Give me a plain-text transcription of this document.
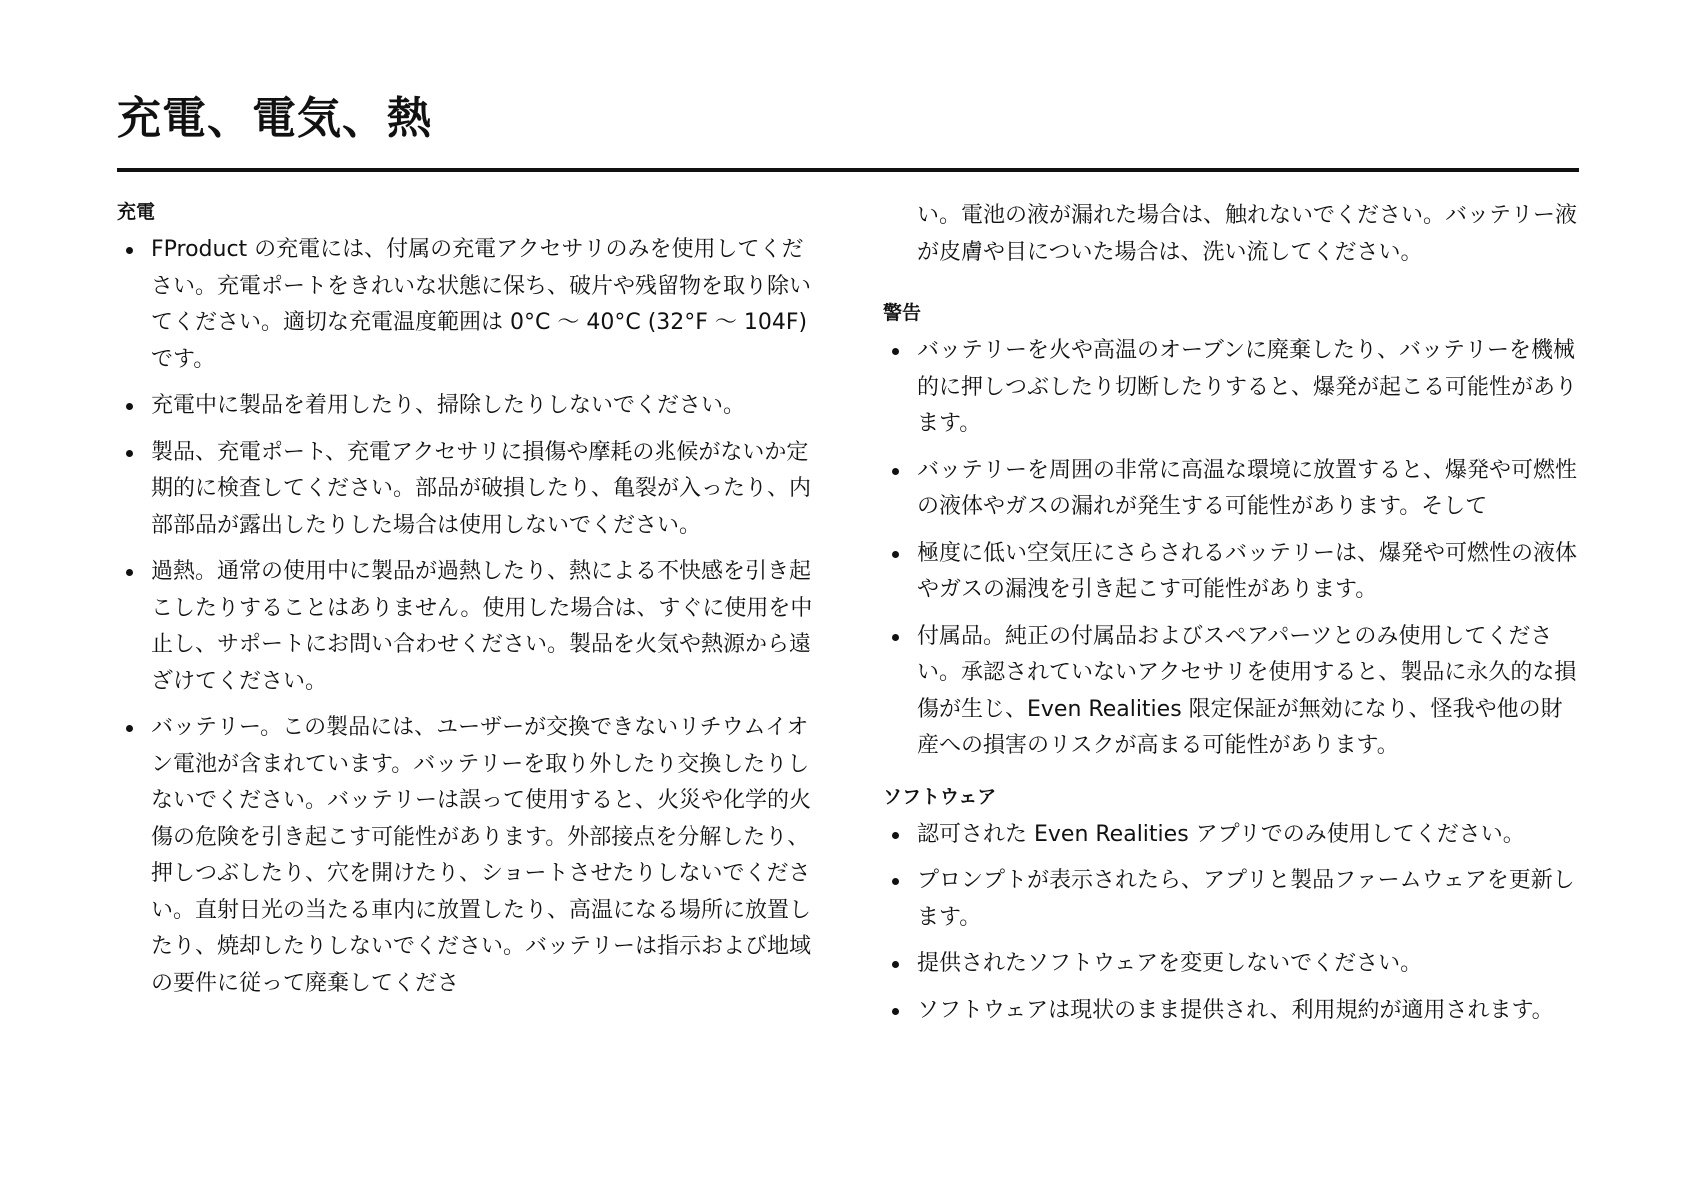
充電、電気、熱
充電
FProduct の充電には、付属の充電アクセサリのみを使用してください。充電ポートをきれいな状態に保ち、破片や残留物を取り除いてください。適切な充電温度範囲は 0°C 〜 40°C (32°F 〜 104F) です。
充電中に製品を着用したり、掃除したりしないでください。
製品、充電ポート、充電アクセサリに損傷や摩耗の兆候がないか定期的に検査してください。部品が破損したり、亀裂が入ったり、内部部品が露出したりした場合は使用しないでください。
過熱。通常の使用中に製品が過熱したり、熱による不快感を引き起こしたりすることはありません。使用した場合は、すぐに使用を中止し、サポートにお問い合わせください。製品を火気や熱源から遠ざけてください。
バッテリー。この製品には、ユーザーが交換できないリチウムイオン電池が含まれています。バッテリーを取り外したり交換したりしないでください。バッテリーは誤って使用すると、火災や化学的火傷の危険を引き起こす可能性があります。外部接点を分解したり、押しつぶしたり、穴を開けたり、ショートさせたりしないでください。直射日光の当たる車内に放置したり、高温になる場所に放置したり、焼却したりしないでください。バッテリーは指示および地域の要件に従って廃棄してくださ

い。電池の液が漏れた場合は、触れないでください。バッテリー液が皮膚や目についた場合は、洗い流してください。

警告
バッテリーを火や高温のオーブンに廃棄したり、バッテリーを機械的に押しつぶしたり切断したりすると、爆発が起こる可能性があります。
バッテリーを周囲の非常に高温な環境に放置すると、爆発や可燃性の液体やガスの漏れが発生する可能性があります。そして
極度に低い空気圧にさらされるバッテリーは、爆発や可燃性の液体やガスの漏洩を引き起こす可能性があります。
付属品。純正の付属品およびスペアパーツとのみ使用してください。承認されていないアクセサリを使用すると、製品に永久的な損傷が生じ、Even Realities 限定保証が無効になり、怪我や他の財産への損害のリスクが高まる可能性があります。
ソフトウェア
認可された Even Realities アプリでのみ使用してください。
プロンプトが表示されたら、アプリと製品ファームウェアを更新します。
提供されたソフトウェアを変更しないでください。
ソフトウェアは現状のまま提供され、利用規約が適用されます。
